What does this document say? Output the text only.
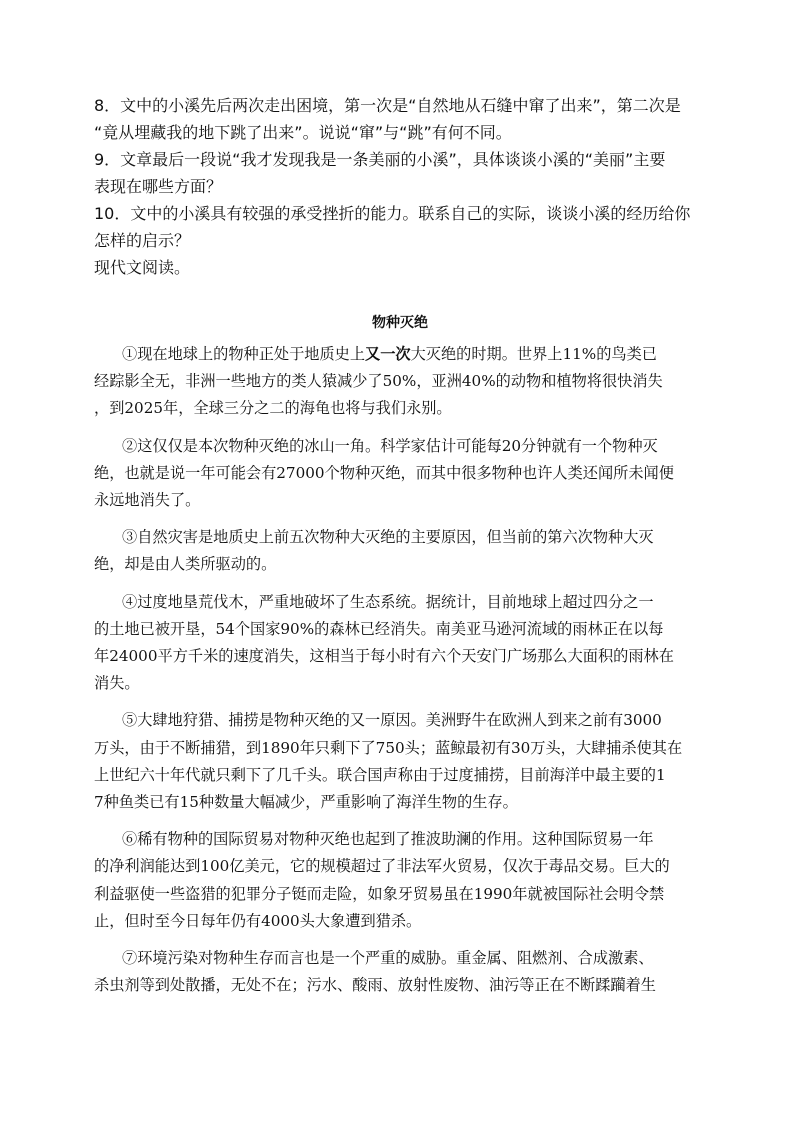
8．文中的小溪先后两次走出困境，第一次是“自然地从石缝中窜了出来”，第二次是
“竟从埋藏我的地下跳了出来”。说说“窜”与“跳”有何不同。

9．文章最后一段说“我才发现我是一条美丽的小溪”，具体谈谈小溪的“美丽”主要
表现在哪些方面？

10．文中的小溪具有较强的承受挫折的能力。联系自己的实际，谈谈小溪的经历给你
怎样的启示？

现代文阅读。

物种灭绝

①现在地球上的物种正处于地质史上又一次大灭绝的时期。世界上11%的鸟类已
经踪影全无，非洲一些地方的类人猿减少了50%，亚洲40%的动物和植物将很快消失
，到2025年，全球三分之二的海龟也将与我们永别。

②这仅仅是本次物种灭绝的冰山一角。科学家估计可能每20分钟就有一个物种灭
绝，也就是说一年可能会有27000个物种灭绝，而其中很多物种也许人类还闻所未闻便
永远地消失了。

③自然灾害是地质史上前五次物种大灭绝的主要原因，但当前的第六次物种大灭
绝，却是由人类所驱动的。

④过度地垦荒伐木，严重地破坏了生态系统。据统计，目前地球上超过四分之一
的土地已被开垦，54个国家90%的森林已经消失。南美亚马逊河流域的雨林正在以每
年24000平方千米的速度消失，这相当于每小时有六个天安门广场那么大面积的雨林在
消失。

⑤大肆地狩猎、捕捞是物种灭绝的又一原因。美洲野牛在欧洲人到来之前有3000
万头，由于不断捕猎，到1890年只剩下了750头；蓝鲸最初有30万头，大肆捕杀使其在
上世纪六十年代就只剩下了几千头。联合国声称由于过度捕捞，目前海洋中最主要的1
7种鱼类已有15种数量大幅减少，严重影响了海洋生物的生存。

⑥稀有物种的国际贸易对物种灭绝也起到了推波助澜的作用。这种国际贸易一年
的净利润能达到100亿美元，它的规模超过了非法军火贸易，仅次于毒品交易。巨大的
利益驱使一些盗猎的犯罪分子铤而走险，如象牙贸易虽在1990年就被国际社会明令禁
止，但时至今日每年仍有4000头大象遭到猎杀。

⑦环境污染对物种生存而言也是一个严重的威胁。重金属、阻燃剂、合成激素、
杀虫剂等到处散播，无处不在；污水、酸雨、放射性废物、油污等正在不断蹂躏着生
